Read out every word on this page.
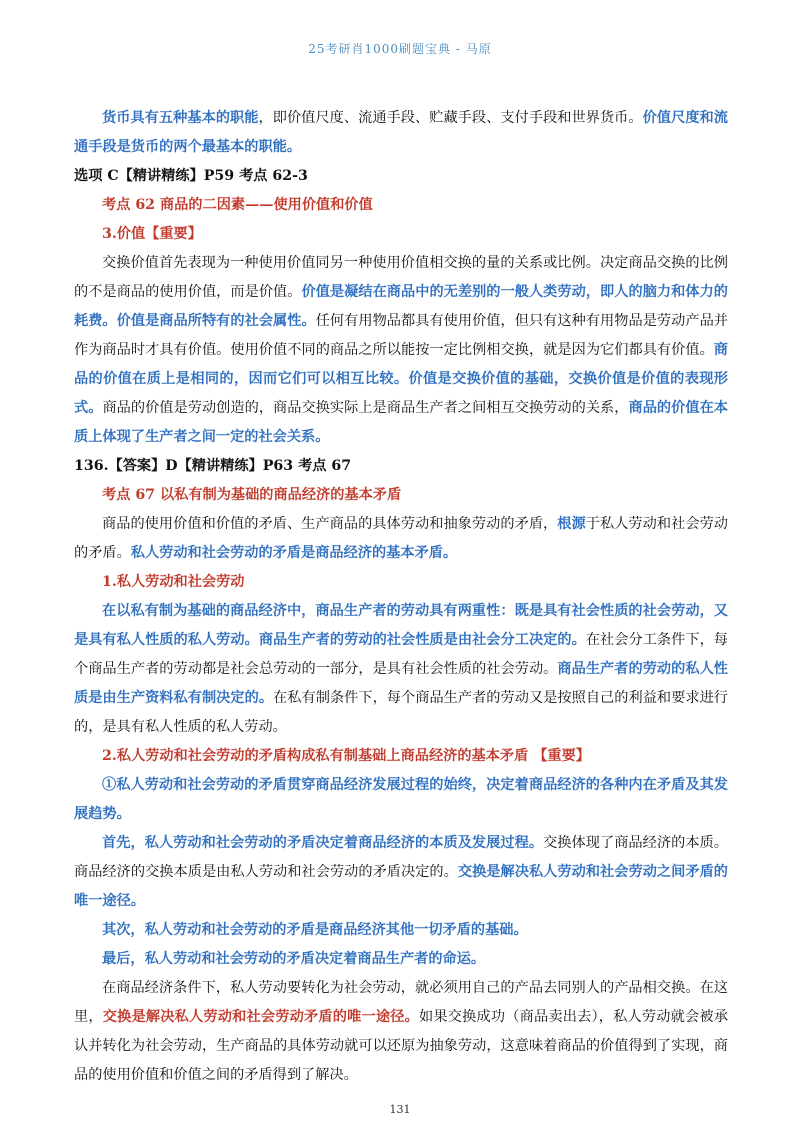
25考研肖1000刷题宝典 - 马原

货币具有五种基本的职能，即价值尺度、流通手段、贮藏手段、支付手段和世界货币。价值尺度和流通手段是货币的两个最基本的职能。

选项 C【精讲精练】P59 考点 62-3

考点 62 商品的二因素——使用价值和价值

3.价值【重要】

交换价值首先表现为一种使用价值同另一种使用价值相交换的量的关系或比例。决定商品交换的比例的不是商品的使用价值，而是价值。价值是凝结在商品中的无差别的一般人类劳动，即人的脑力和体力的耗费。价值是商品所特有的社会属性。任何有用物品都具有使用价值，但只有这种有用物品是劳动产品并作为商品时才具有价值。使用价值不同的商品之所以能按一定比例相交换，就是因为它们都具有价值。商品的价值在质上是相同的，因而它们可以相互比较。价值是交换价值的基础，交换价值是价值的表现形式。商品的价值是劳动创造的，商品交换实际上是商品生产者之间相互交换劳动的关系，商品的价值在本质上体现了生产者之间一定的社会关系。

136.【答案】D【精讲精练】P63 考点 67

考点 67 以私有制为基础的商品经济的基本矛盾

商品的使用价值和价值的矛盾、生产商品的具体劳动和抽象劳动的矛盾，根源于私人劳动和社会劳动的矛盾。私人劳动和社会劳动的矛盾是商品经济的基本矛盾。

1.私人劳动和社会劳动

在以私有制为基础的商品经济中，商品生产者的劳动具有两重性：既是具有社会性质的社会劳动，又是具有私人性质的私人劳动。商品生产者的劳动的社会性质是由社会分工决定的。在社会分工条件下，每个商品生产者的劳动都是社会总劳动的一部分，是具有社会性质的社会劳动。商品生产者的劳动的私人性质是由生产资料私有制决定的。在私有制条件下，每个商品生产者的劳动又是按照自己的利益和要求进行的，是具有私人性质的私人劳动。

2.私人劳动和社会劳动的矛盾构成私有制基础上商品经济的基本矛盾 【重要】

①私人劳动和社会劳动的矛盾贯穿商品经济发展过程的始终，决定着商品经济的各种内在矛盾及其发展趋势。

首先，私人劳动和社会劳动的矛盾决定着商品经济的本质及发展过程。交换体现了商品经济的本质。商品经济的交换本质是由私人劳动和社会劳动的矛盾决定的。交换是解决私人劳动和社会劳动之间矛盾的唯一途径。

其次，私人劳动和社会劳动的矛盾是商品经济其他一切矛盾的基础。

最后，私人劳动和社会劳动的矛盾决定着商品生产者的命运。

在商品经济条件下，私人劳动要转化为社会劳动，就必须用自己的产品去同别人的产品相交换。在这里，交换是解决私人劳动和社会劳动矛盾的唯一途径。如果交换成功（商品卖出去），私人劳动就会被承认并转化为社会劳动，生产商品的具体劳动就可以还原为抽象劳动，这意味着商品的价值得到了实现，商品的使用价值和价值之间的矛盾得到了解决。

131
